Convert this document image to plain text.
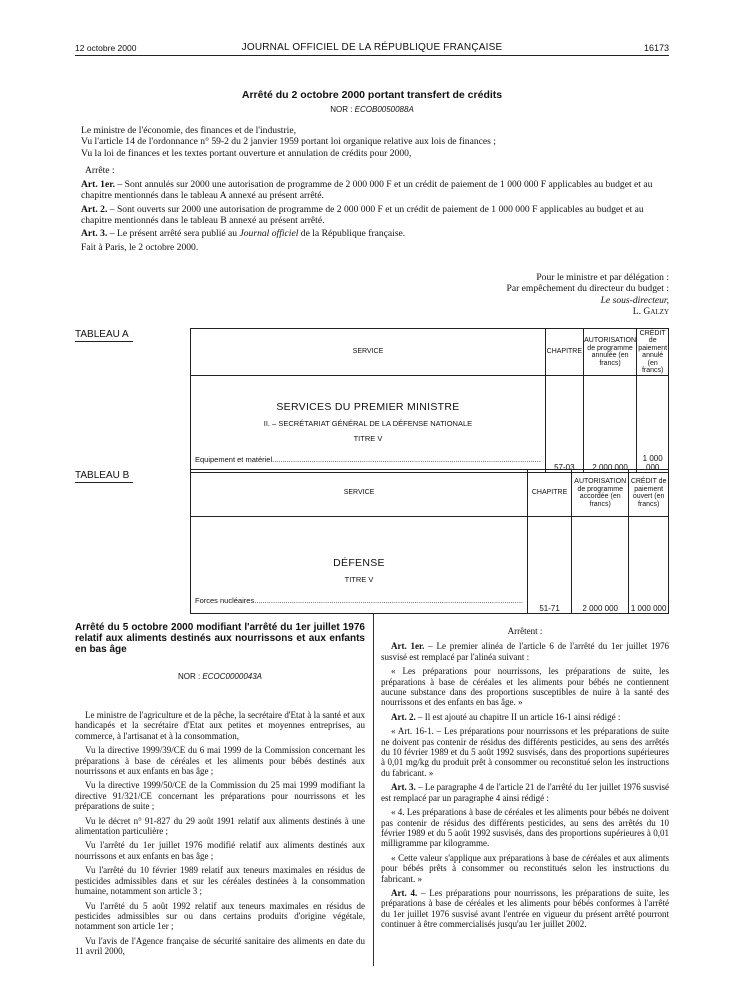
12 octobre 2000	JOURNAL OFFICIEL DE LA RÉPUBLIQUE FRANÇAISE	16173
Arrêté du 2 octobre 2000 portant transfert de crédits
NOR : ECOB0050088A

Le ministre de l'économie, des finances et de l'industrie,

Vu l'article 14 de l'ordonnance n° 59-2 du 2 janvier 1959 portant loi organique relative aux lois de finances ;

Vu la loi de finances et les textes portant ouverture et annulation de crédits pour 2000,

Arrête :

Art. 1er. – Sont annulés sur 2000 une autorisation de programme de 2 000 000 F et un crédit de paiement de 1 000 000 F applicables au budget et au chapitre mentionnés dans le tableau A annexé au présent arrêté.

Art. 2. – Sont ouverts sur 2000 une autorisation de programme de 2 000 000 F et un crédit de paiement de 1 000 000 F applicables au budget et au chapitre mentionnés dans le tableau B annexé au présent arrêté.

Art. 3. – Le présent arrêté sera publié au Journal officiel de la République française.

Fait à Paris, le 2 octobre 2000.

Pour le ministre et par délégation :

Par empêchement du directeur du budget :

Le sous-directeur,

L. Galzy

TABLEAU A
SERVICE	CHAPITRE	AUTORISATION de programme annulée (en francs)	CRÉDIT de paiement annulé (en francs)

SERVICES DU PREMIER MINISTRE
II. – SECRÉTARIAT GÉNÉRAL DE LA DÉFENSE NATIONALE
TITRE V
Equipement et matériel.................................................................................................................................	57-03	2 000 000	1 000 000
TABLEAU B
SERVICE	CHAPITRE	AUTORISATION de programme accordée (en francs)	CRÉDIT de paiement ouvert (en francs)

DÉFENSE
TITRE V
Forces nucléaires.................................................................................................................................	51-71	2 000 000	1 000 000
Arrêté du 5 octobre 2000 modifiant l'arrêté du 1er juillet 1976 relatif aux aliments destinés aux nourrissons et aux enfants en bas âge
NOR : ECOC0000043A

Le ministre de l'agriculture et de la pêche, la secrétaire d'Etat à la santé et aux handicapés et la secrétaire d'Etat aux petites et moyennes entreprises, au commerce, à l'artisanat et à la consommation,

Vu la directive 1999/39/CE du 6 mai 1999 de la Commission concernant les préparations à base de céréales et les aliments pour bébés destinés aux nourrissons et aux enfants en bas âge ;

Vu la directive 1999/50/CE de la Commission du 25 mai 1999 modifiant la directive 91/321/CE concernant les préparations pour nourrissons et les préparations de suite ;

Vu le décret n° 91-827 du 29 août 1991 relatif aux aliments destinés à une alimentation particulière ;

Vu l'arrêté du 1er juillet 1976 modifié relatif aux aliments destinés aux nourrissons et aux enfants en bas âge ;

Vu l'arrêté du 10 février 1989 relatif aux teneurs maximales en résidus de pesticides admissibles dans et sur les céréales destinées à la consommation humaine, notamment son article 3 ;

Vu l'arrêté du 5 août 1992 relatif aux teneurs maximales en résidus de pesticides admissibles sur ou dans certains produits d'origine végétale, notamment son article 1er ;

Vu l'avis de l'Agence française de sécurité sanitaire des aliments en date du 11 avril 2000,

Arrêtent :

Art. 1er. – Le premier alinéa de l'article 6 de l'arrêté du 1er juillet 1976 susvisé est remplacé par l'alinéa suivant :

« Les préparations pour nourrissons, les préparations de suite, les préparations à base de céréales et les aliments pour bébés ne contiennent aucune substance dans des proportions susceptibles de nuire à la santé des nourrissons et des enfants en bas âge. »

Art. 2. – Il est ajouté au chapitre II un article 16-1 ainsi rédigé :

« Art. 16-1. – Les préparations pour nourrissons et les préparations de suite ne doivent pas contenir de résidus des différents pesticides, au sens des arrêtés du 10 février 1989 et du 5 août 1992 susvisés, dans des proportions supérieures à 0,01 mg/kg du produit prêt à consommer ou reconstitué selon les instructions du fabricant. »

Art. 3. – Le paragraphe 4 de l'article 21 de l'arrêté du 1er juillet 1976 susvisé est remplacé par un paragraphe 4 ainsi rédigé :

« 4. Les préparations à base de céréales et les aliments pour bébés ne doivent pas contenir de résidus des différents pesticides, au sens des arrêtés du 10 février 1989 et du 5 août 1992 susvisés, dans des proportions supérieures à 0,01 milligramme par kilogramme.

« Cette valeur s'applique aux préparations à base de céréales et aux aliments pour bébés prêts à consommer ou reconstitués selon les instructions du fabricant. »

Art. 4. – Les préparations pour nourrissons, les préparations de suite, les préparations à base de céréales et les aliments pour bébés conformes à l'arrêté du 1er juillet 1976 susvisé avant l'entrée en vigueur du présent arrêté pourront continuer à être commercialisés jusqu'au 1er juillet 2002.
